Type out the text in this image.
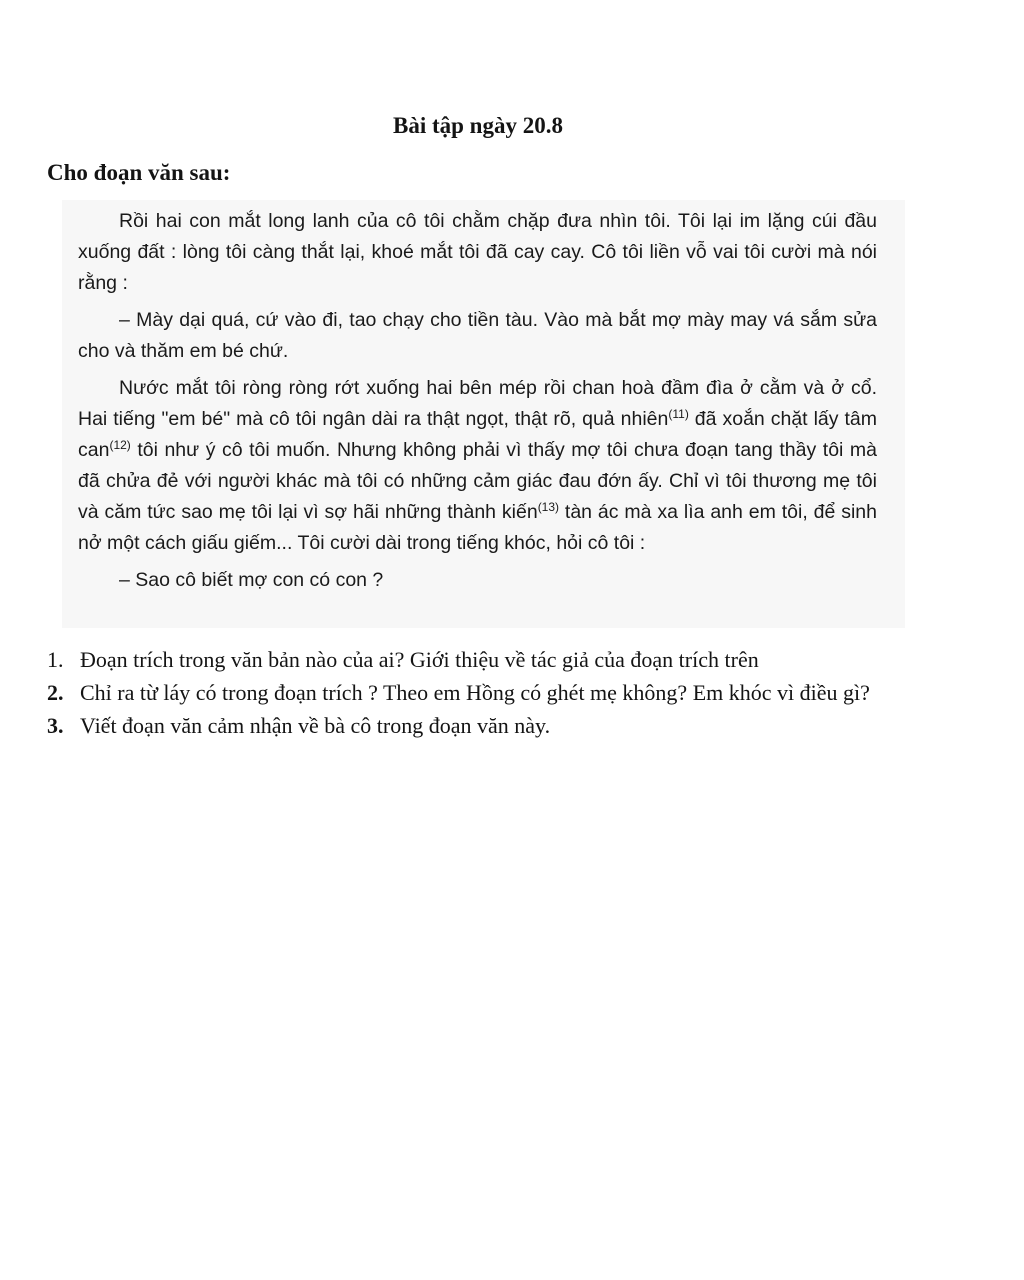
Bài tập ngày 20.8
Cho đoạn văn sau:

Rồi hai con mắt long lanh của cô tôi chằm chặp đưa nhìn tôi. Tôi lại im lặng cúi đầu xuống đất : lòng tôi càng thắt lại, khoé mắt tôi đã cay cay. Cô tôi liền vỗ vai tôi cười mà nói rằng :

– Mày dại quá, cứ vào đi, tao chạy cho tiền tàu. Vào mà bắt mợ mày may vá sắm sửa cho và thăm em bé chứ.

Nước mắt tôi ròng ròng rớt xuống hai bên mép rồi chan hoà đầm đìa ở cằm và ở cổ. Hai tiếng "em bé" mà cô tôi ngân dài ra thật ngọt, thật rõ, quả nhiên$^{(11)}$ đã xoắn chặt lấy tâm can$^{(12)}$ tôi như ý cô tôi muốn. Nhưng không phải vì thấy mợ tôi chưa đoạn tang thầy tôi mà đã chửa đẻ với người khác mà tôi có những cảm giác đau đớn ấy. Chỉ vì tôi thương mẹ tôi và căm tức sao mẹ tôi lại vì sợ hãi những thành kiến$^{(13)}$ tàn ác mà xa lìa anh em tôi, để sinh nở một cách giấu giếm... Tôi cười dài trong tiếng khóc, hỏi cô tôi :

– Sao cô biết mợ con có con ?

1. Đoạn trích trong văn bản nào của ai? Giới thiệu về tác giả của đoạn trích trên
2. Chỉ ra từ láy có trong đoạn trích ? Theo em Hồng có ghét mẹ không? Em khóc vì điều gì?
3. Viết đoạn văn cảm nhận về bà cô trong đoạn văn này.
